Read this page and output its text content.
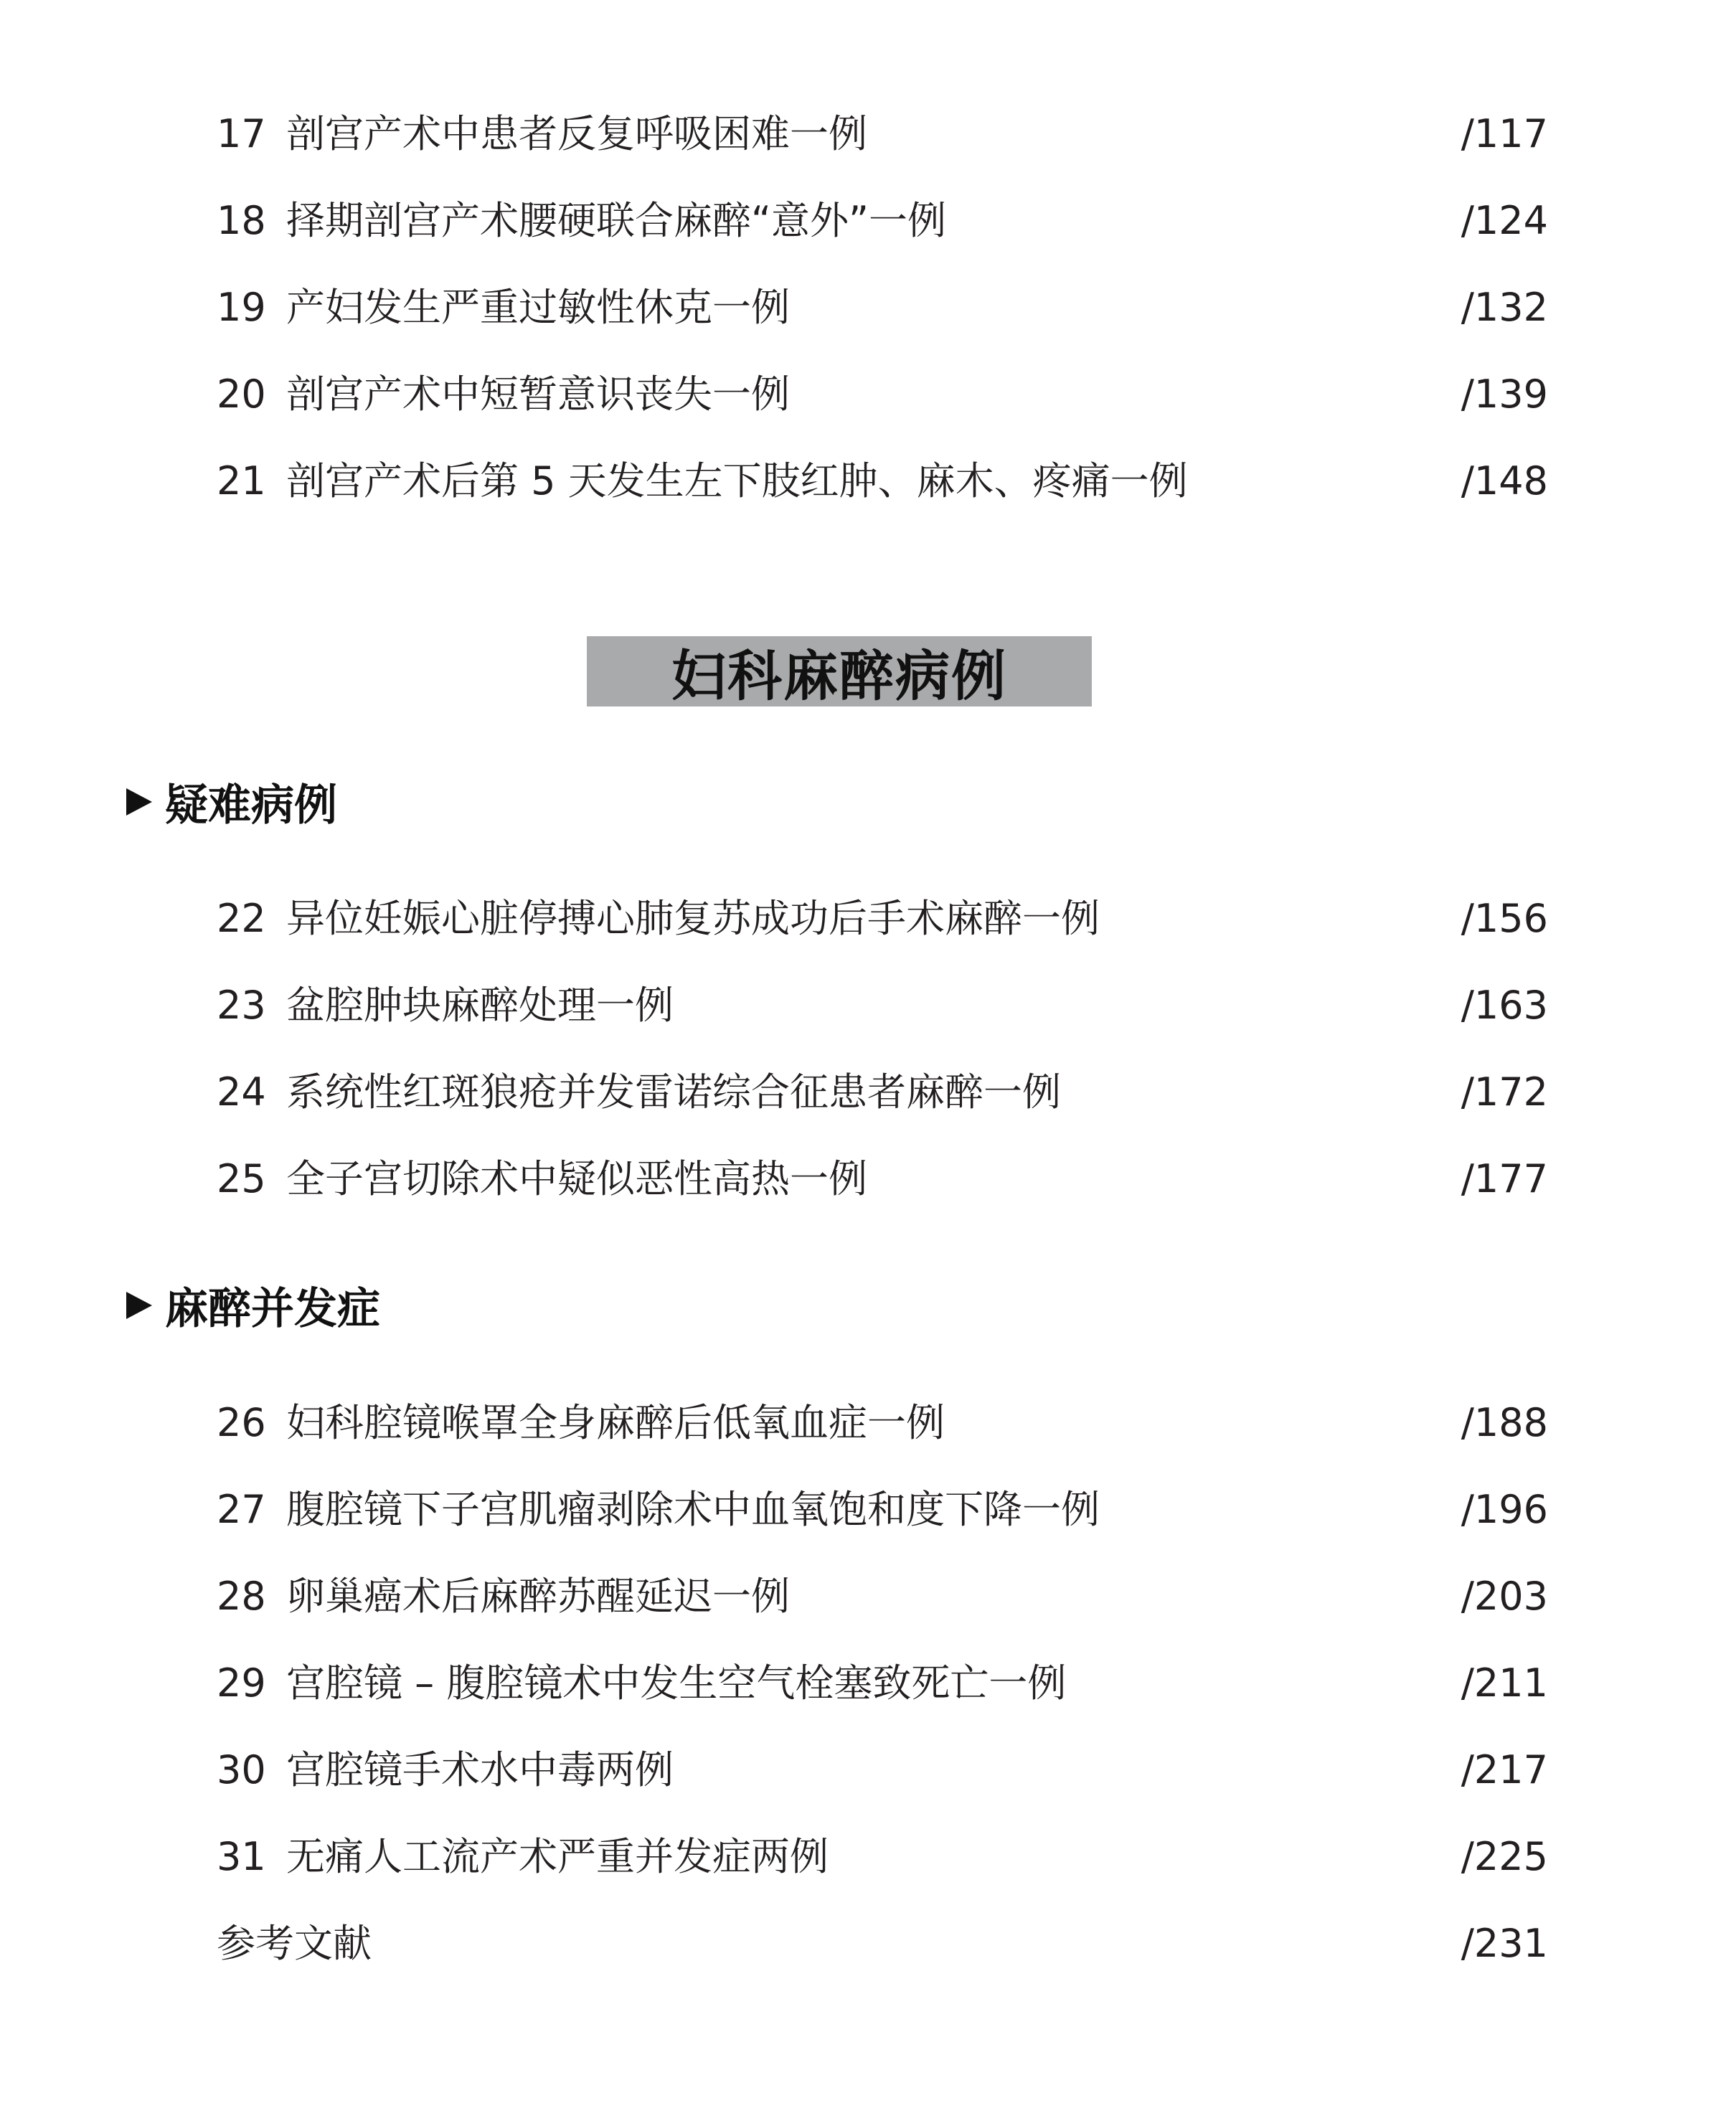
17 剖宫产术中患者反复呼吸困难一例	/117
18 择期剖宫产术腰硬联合麻醉“意外”一例	/124
19 产妇发生严重过敏性休克一例	/132
20 剖宫产术中短暂意识丧失一例	/139
21 剖宫产术后第 5 天发生左下肢红肿、麻木、疼痛一例	/148
妇科麻醉病例
疑难病例
22 异位妊娠心脏停搏心肺复苏成功后手术麻醉一例	/156
23 盆腔肿块麻醉处理一例	/163
24 系统性红斑狼疮并发雷诺综合征患者麻醉一例	/172
25 全子宫切除术中疑似恶性高热一例	/177
麻醉并发症
26 妇科腔镜喉罩全身麻醉后低氧血症一例	/188
27 腹腔镜下子宫肌瘤剥除术中血氧饱和度下降一例	/196
28 卵巢癌术后麻醉苏醒延迟一例	/203
29 宫腔镜 – 腹腔镜术中发生空气栓塞致死亡一例	/211
30 宫腔镜手术水中毒两例	/217
31 无痛人工流产术严重并发症两例	/225
参考文献	/231
